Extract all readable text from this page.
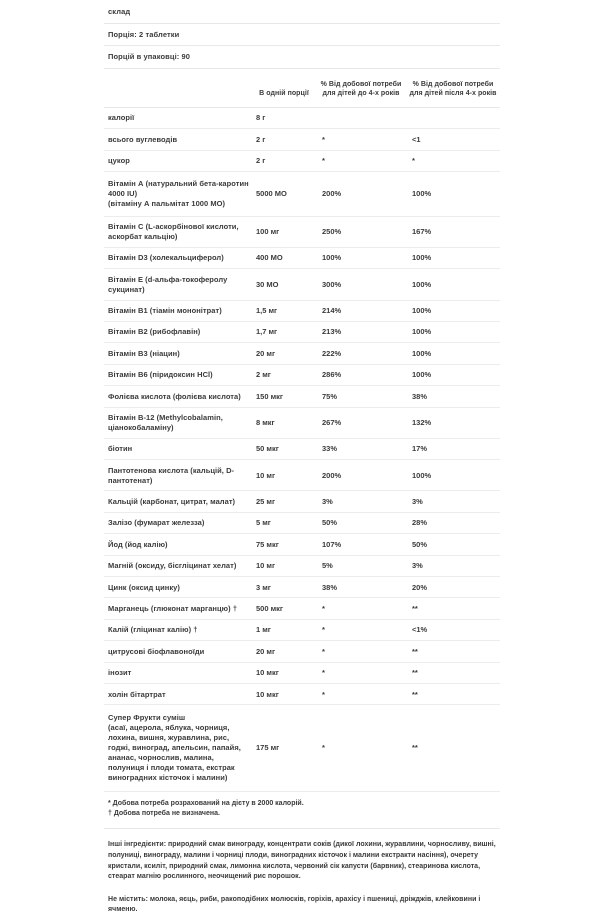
склад
Порція: 2 таблетки
Порцій в упаковці: 90
	В одній порції	% Від добової потреби для дітей до 4-х років	% Від добової потреби для дітей після 4-х років
калорії	8 г		
всього вуглеводів	2 г	*	<1
цукор	2 г	*	*
Вітамін А (натуральний бета-каротин 4000 IU)
(вітаміну А пальмітат 1000 МО)	5000 МО	200%	100%
Вітамін C (L-аскорбінової кислоти, аскорбат кальцію)	100 мг	250%	167%
Вітамін D3 (холекальциферол)	400 МО	100%	100%
Вітамін E (d-альфа-токоферолу сукцинат)	30 МО	300%	100%
Вітамін B1 (тіамін мононітрат)	1,5 мг	214%	100%
Вітамін B2 (рибофлавін)	1,7 мг	213%	100%
Вітамін B3 (ніацин)	20 мг	222%	100%
Вітамін B6 (піридоксин HCl)	2 мг	286%	100%
Фолієва кислота (фолієва кислота)	150 мкг	75%	38%
Вітамін B-12 (Methylcobalamin, ціанокобаламіну)	8 мкг	267%	132%
біотин	50 мкг	33%	17%
Пантотенова кислота (кальцій, D-пантотенат)	10 мг	200%	100%
Кальцій (карбонат, цитрат, малат)	25 мг	3%	3%
Залізо (фумарат железза)	5 мг	50%	28%
Йод (йод калію)	75 мкг	107%	50%
Магній (оксиду, бісгліцинат хелат)	10 мг	5%	3%
Цинк (оксид цинку)	3 мг	38%	20%
Марганець (глюконат марганцю) †	500 мкг	*	**
Калій (гліцинат калію) †	1 мг	*	<1%
цитрусові біофлавоноїди	20 мг	*	**
інозит	10 мкг	*	**
холін бітартрат	10 мкг	*	**
Супер Фрукти суміш
(асаї, ацерола, яблука, чорниця, лохина, вишня, журавлина, рис, годжі, виноград, апельсин, папайя, ананас, чорнослив, малина, полуниця і плоди томата, екстрак виноградних кісточок і малини)	175 мг	*	**
* Добова потреба розрахований на дієту в 2000 калорій.
† Добова потреба не визначена.
Інші інгредієнти: природний смак винограду, концентрати соків (дикої лохини, журавлини, чорносливу, вишні, полуниці, винограду, малини і чорниці плоди, виноградних кісточок і малини екстракти насіння), очерету кристали, ксиліт, природний смак, лимонна кислота, червоний сік капусти (барвник), стеаринова кислота, стеарат магнію рослинного, неочищений рис порошок.
Не містить: молока, яєць, риби, ракоподібних молюсків, горіхів, арахісу і пшениці, дріжджів, клейковини і ячменю.
